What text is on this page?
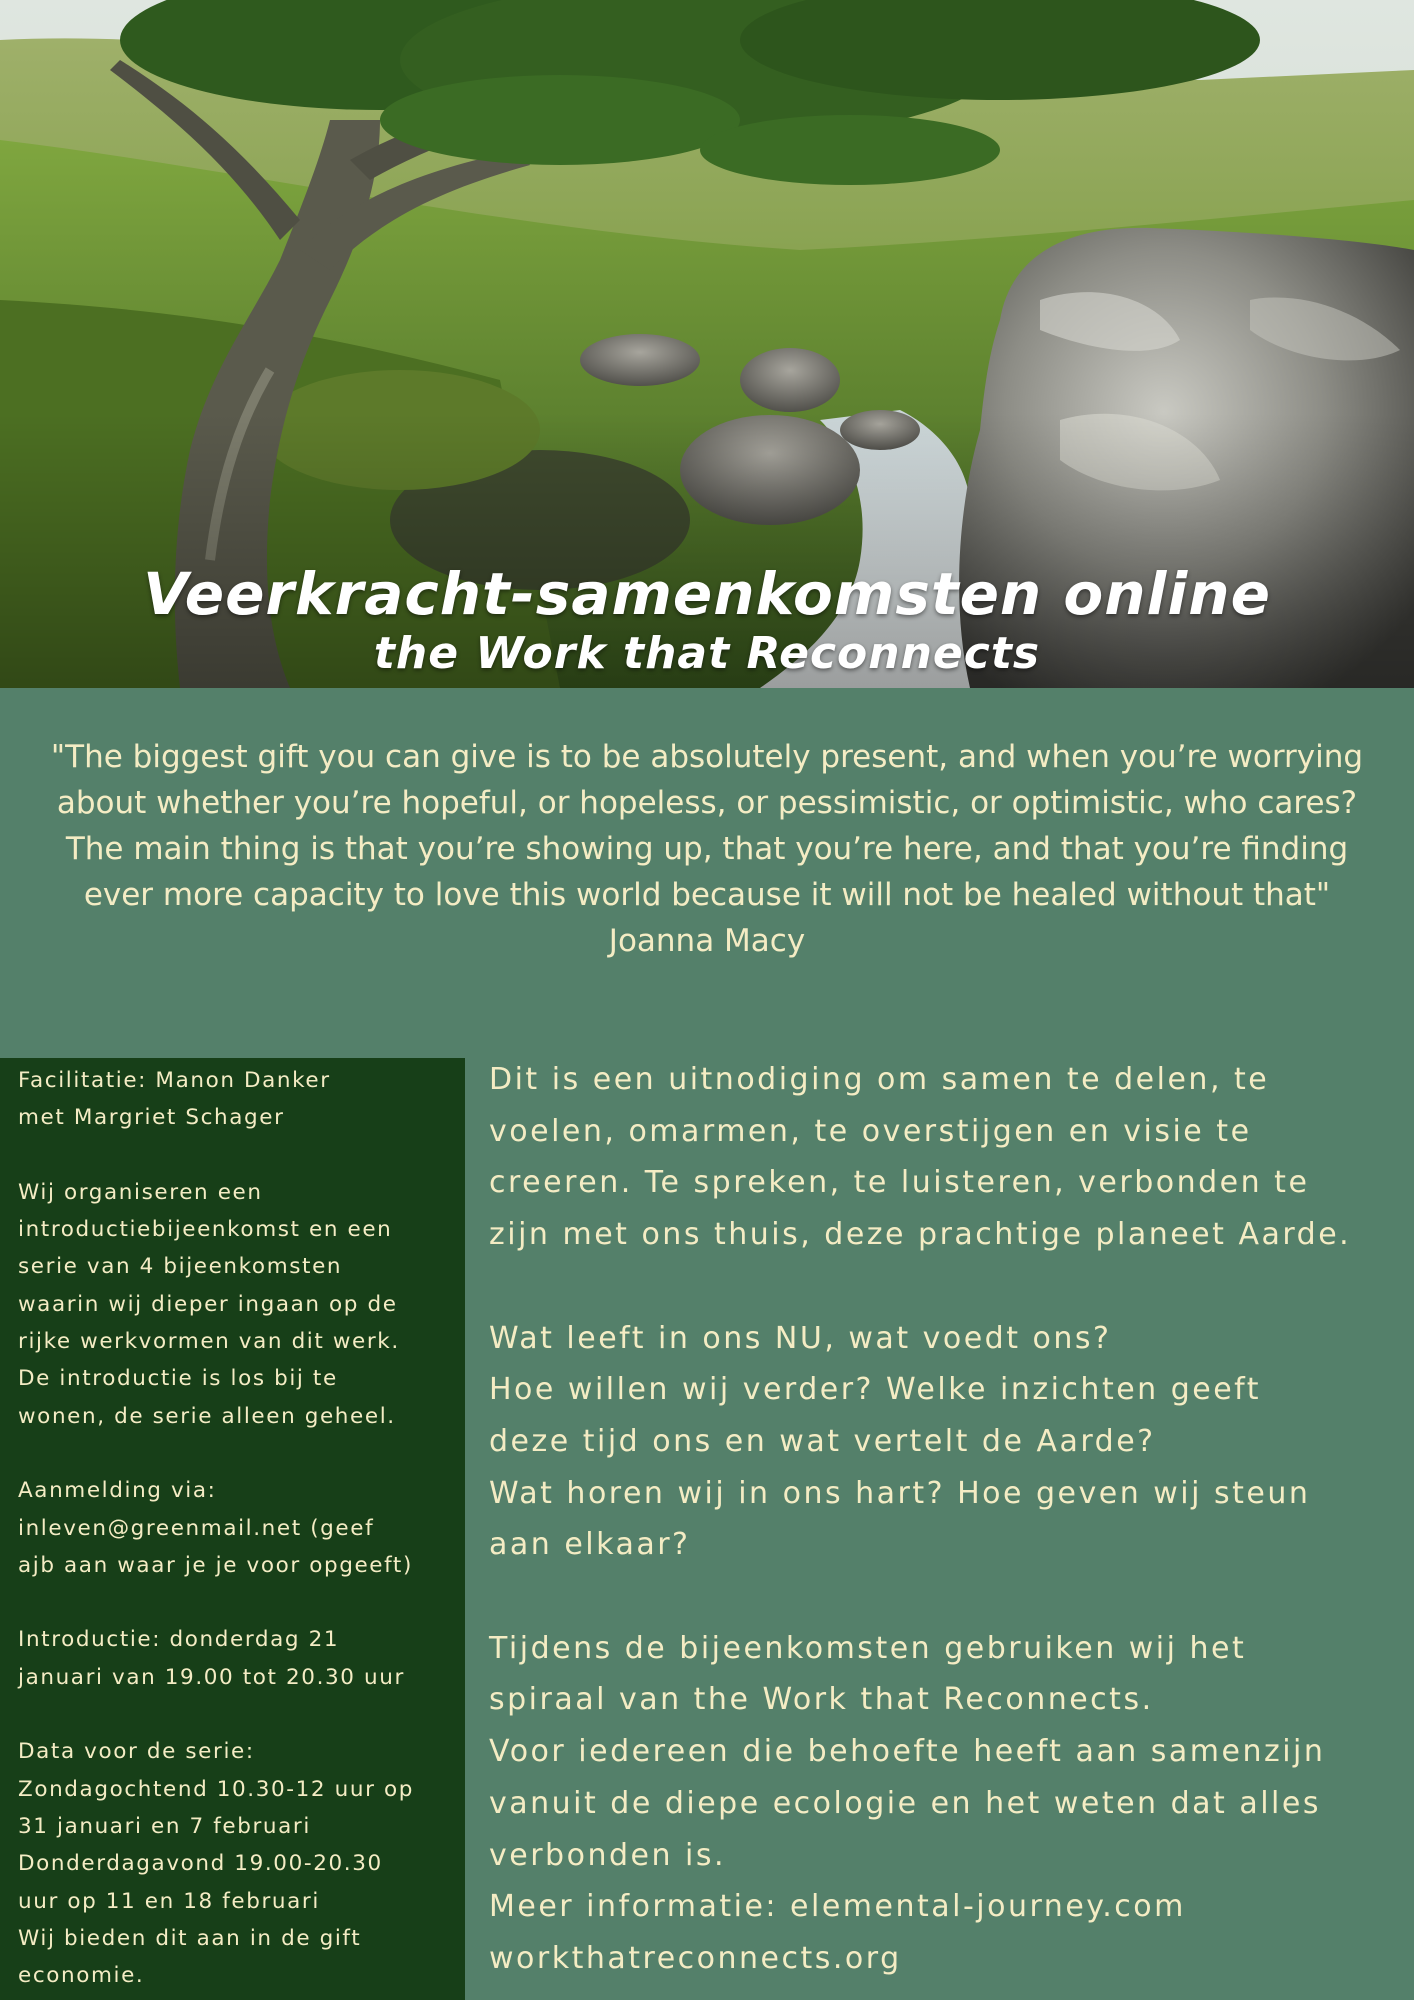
Veerkracht-samenkomsten online
the Work that Reconnects

"The biggest gift you can give is to be absolutely present, and when you’re worrying

about whether you’re hopeful, or hopeless, or pessimistic, or optimistic, who cares?

The main thing is that you’re showing up, that you’re here, and that you’re finding

ever more capacity to love this world because it will not be healed without that"

Joanna Macy

Facilitatie: Manon Danker
met Margriet Schager
Wij organiseren een
introductiebijeenkomst en een
serie van 4 bijeenkomsten
waarin wij dieper ingaan op de
rijke werkvormen van dit werk.
De introductie is los bij te
wonen, de serie alleen geheel.
Aanmelding via:
inleven@greenmail.net (geef
ajb aan waar je je voor opgeeft)
Introductie: donderdag 21
januari van 19.00 tot 20.30 uur
Data voor de serie:
Zondagochtend 10.30-12 uur op
31 januari en 7 februari
Donderdagavond 19.00-20.30
uur op 11 en 18 februari
Wij bieden dit aan in de gift
economie.
Dit is een uitnodiging om samen te delen, te
voelen, omarmen, te overstijgen en visie te
creeren. Te spreken, te luisteren, verbonden te
zijn met ons thuis, deze prachtige planeet Aarde.
Wat leeft in ons NU, wat voedt ons?
Hoe willen wij verder? Welke inzichten geeft
deze tijd ons en wat vertelt de Aarde?
Wat horen wij in ons hart? Hoe geven wij steun
aan elkaar?
Tijdens de bijeenkomsten gebruiken wij het
spiraal van the Work that Reconnects.
Voor iedereen die behoefte heeft aan samenzijn
vanuit de diepe ecologie en het weten dat alles
verbonden is.
Meer informatie: elemental-journey.com
workthatreconnects.org
